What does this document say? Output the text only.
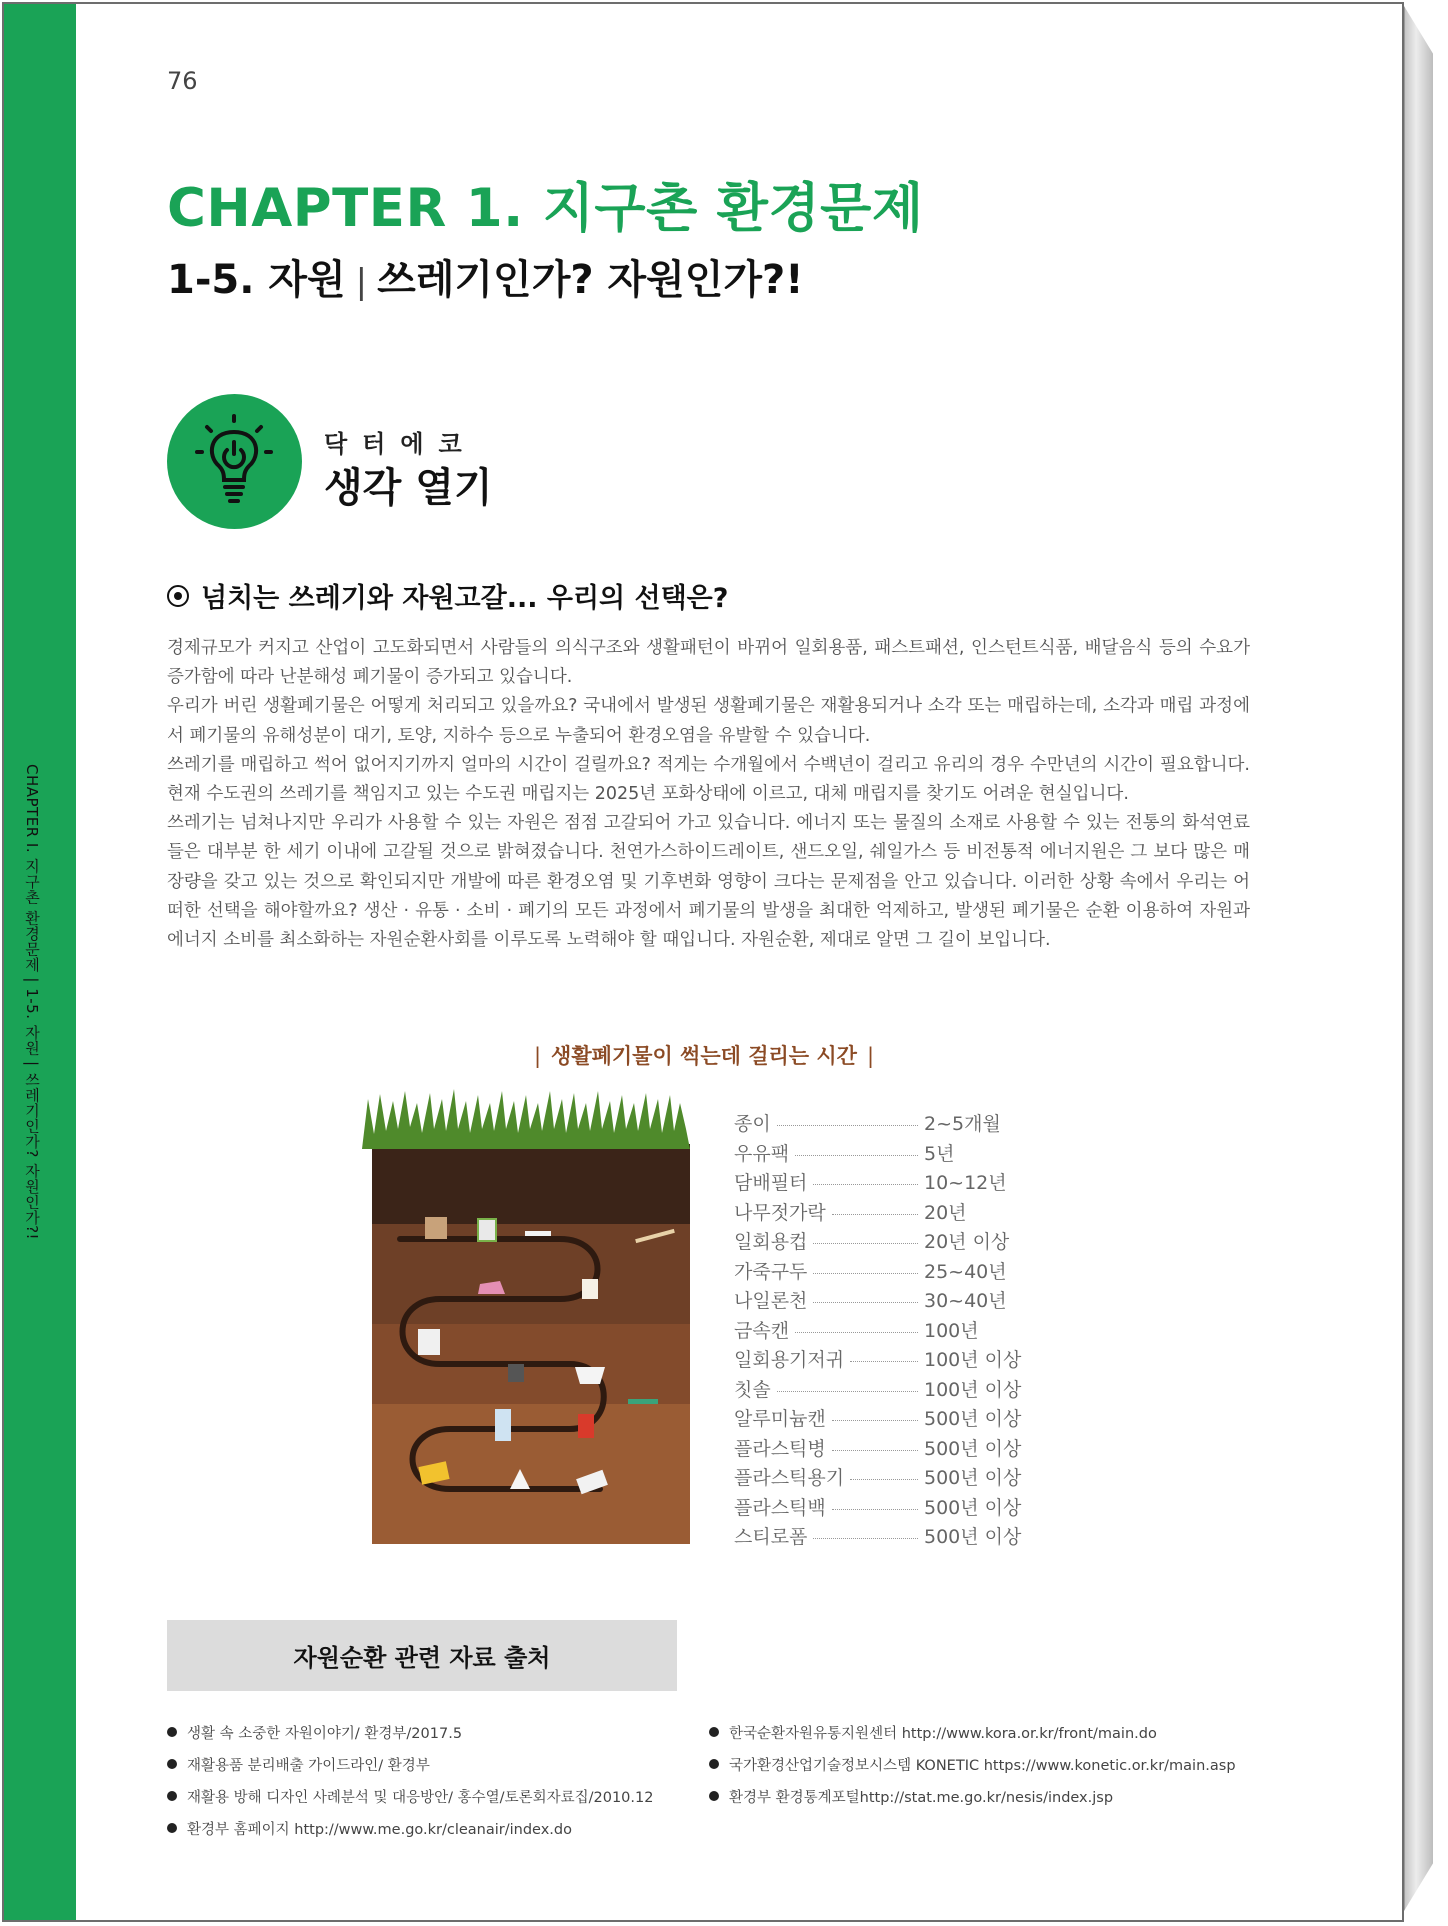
CHAPTER I. 지구촌 환경문제 | 1-5. 자원 | 쓰레기인가? 자원인가?!
76
CHAPTER 1. 지구촌 환경문제
1-5. 자원 | 쓰레기인가? 자원인가?!
닥터에코
생각 열기
넘치는 쓰레기와 자원고갈... 우리의 선택은?

경제규모가 커지고 산업이 고도화되면서 사람들의 의식구조와 생활패턴이 바뀌어 일회용품, 패스트패션, 인스턴트식품, 배달음식 등의 수요가 증가함에 따라 난분해성 폐기물이 증가되고 있습니다.

우리가 버린 생활폐기물은 어떻게 처리되고 있을까요? 국내에서 발생된 생활폐기물은 재활용되거나 소각 또는 매립하는데, 소각과 매립 과정에서 폐기물의 유해성분이 대기, 토양, 지하수 등으로 누출되어 환경오염을 유발할 수 있습니다.

쓰레기를 매립하고 썩어 없어지기까지 얼마의 시간이 걸릴까요? 적게는 수개월에서 수백년이 걸리고 유리의 경우 수만년의 시간이 필요합니다. 현재 수도권의 쓰레기를 책임지고 있는 수도권 매립지는 2025년 포화상태에 이르고, 대체 매립지를 찾기도 어려운 현실입니다.

쓰레기는 넘쳐나지만 우리가 사용할 수 있는 자원은 점점 고갈되어 가고 있습니다. 에너지 또는 물질의 소재로 사용할 수 있는 전통의 화석연료들은 대부분 한 세기 이내에 고갈될 것으로 밝혀졌습니다. 천연가스하이드레이트, 샌드오일, 쉐일가스 등 비전통적 에너지원은 그 보다 많은 매장량을 갖고 있는 것으로 확인되지만 개발에 따른 환경오염 및 기후변화 영향이 크다는 문제점을 안고 있습니다. 이러한 상황 속에서 우리는 어떠한 선택을 해야할까요? 생산 · 유통 · 소비 · 폐기의 모든 과정에서 폐기물의 발생을 최대한 억제하고, 발생된 폐기물은 순환 이용하여 자원과 에너지 소비를 최소화하는 자원순환사회를 이루도록 노력해야 할 때입니다. 자원순환, 제대로 알면 그 길이 보입니다.

| 생활폐기물이 썩는데 걸리는 시간 |
종이	2~5개월
우유팩	5년
담배필터	10~12년
나무젓가락	20년
일회용컵	20년 이상
가죽구두	25~40년
나일론천	30~40년
금속캔	100년
일회용기저귀	100년 이상
칫솔	100년 이상
알루미늄캔	500년 이상
플라스틱병	500년 이상
플라스틱용기	500년 이상
플라스틱백	500년 이상
스티로폼	500년 이상
자원순환 관련 자료 출처
생활 속 소중한 자원이야기/ 환경부/2017.5
재활용품 분리배출 가이드라인/ 환경부
재활용 방해 디자인 사례분석 및 대응방안/ 홍수열/토론회자료집/2010.12
환경부 홈페이지 http://www.me.go.kr/cleanair/index.do
한국순환자원유통지원센터 http://www.kora.or.kr/front/main.do
국가환경산업기술정보시스템 KONETIC https://www.konetic.or.kr/main.asp
환경부 환경통계포털http://stat.me.go.kr/nesis/index.jsp
